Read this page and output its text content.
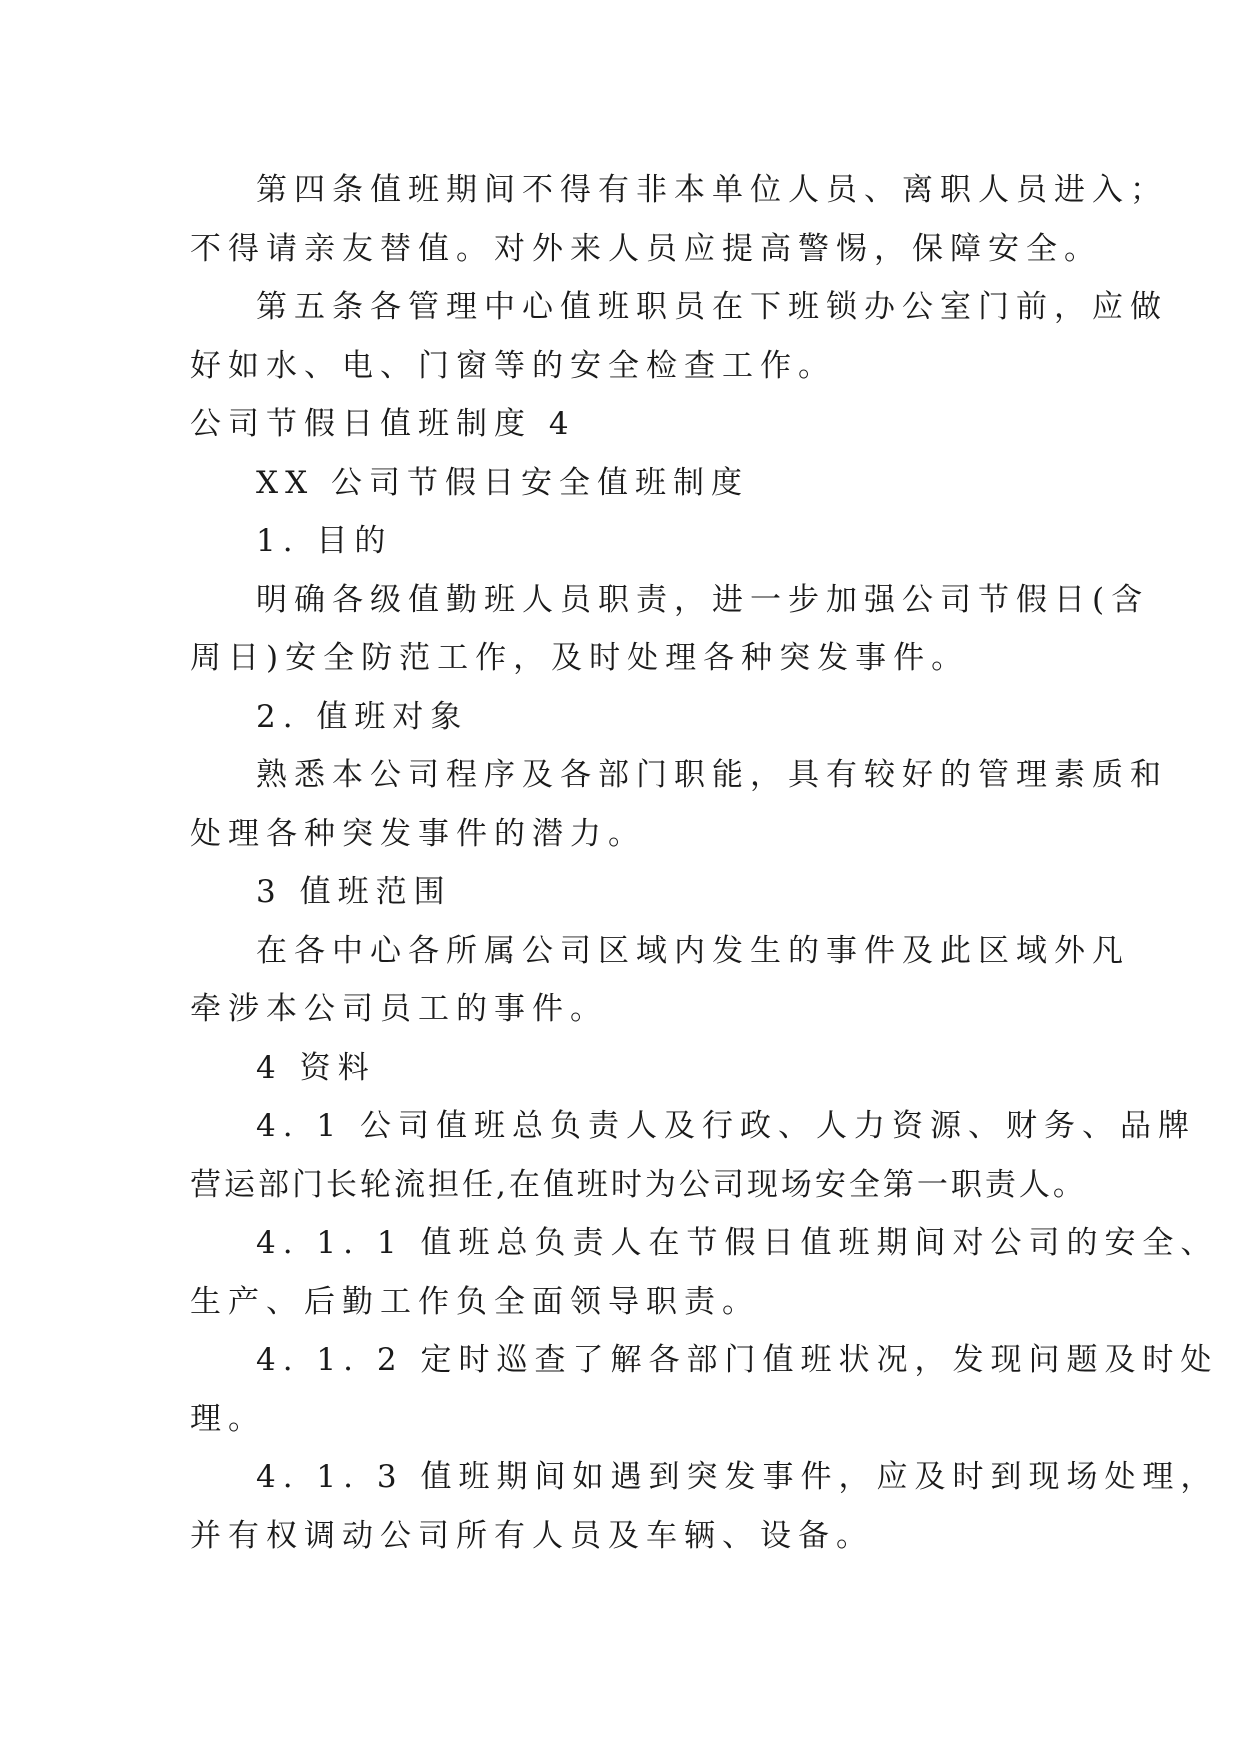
第四条值班期间不得有非本单位人员、离职人员进入；
不得请亲友替值。对外来人员应提高警惕，保障安全。
第五条各管理中心值班职员在下班锁办公室门前，应做
好如水、电、门窗等的安全检查工作。
公司节假日值班制度 4
XX 公司节假日安全值班制度
1. 目的
明确各级值勤班人员职责，进一步加强公司节假日(含
周日)安全防范工作，及时处理各种突发事件。
2. 值班对象
熟悉本公司程序及各部门职能，具有较好的管理素质和
处理各种突发事件的潜力。
3 值班范围
在各中心各所属公司区域内发生的事件及此区域外凡
牵涉本公司员工的事件。
4 资料
4. 1 公司值班总负责人及行政、人力资源、财务、品牌
营运部门长轮流担任,在值班时为公司现场安全第一职责人。
4. 1. 1 值班总负责人在节假日值班期间对公司的安全、
生产、后勤工作负全面领导职责。
4. 1. 2 定时巡查了解各部门值班状况，发现问题及时处
理。
4. 1. 3 值班期间如遇到突发事件，应及时到现场处理，
并有权调动公司所有人员及车辆、设备。
